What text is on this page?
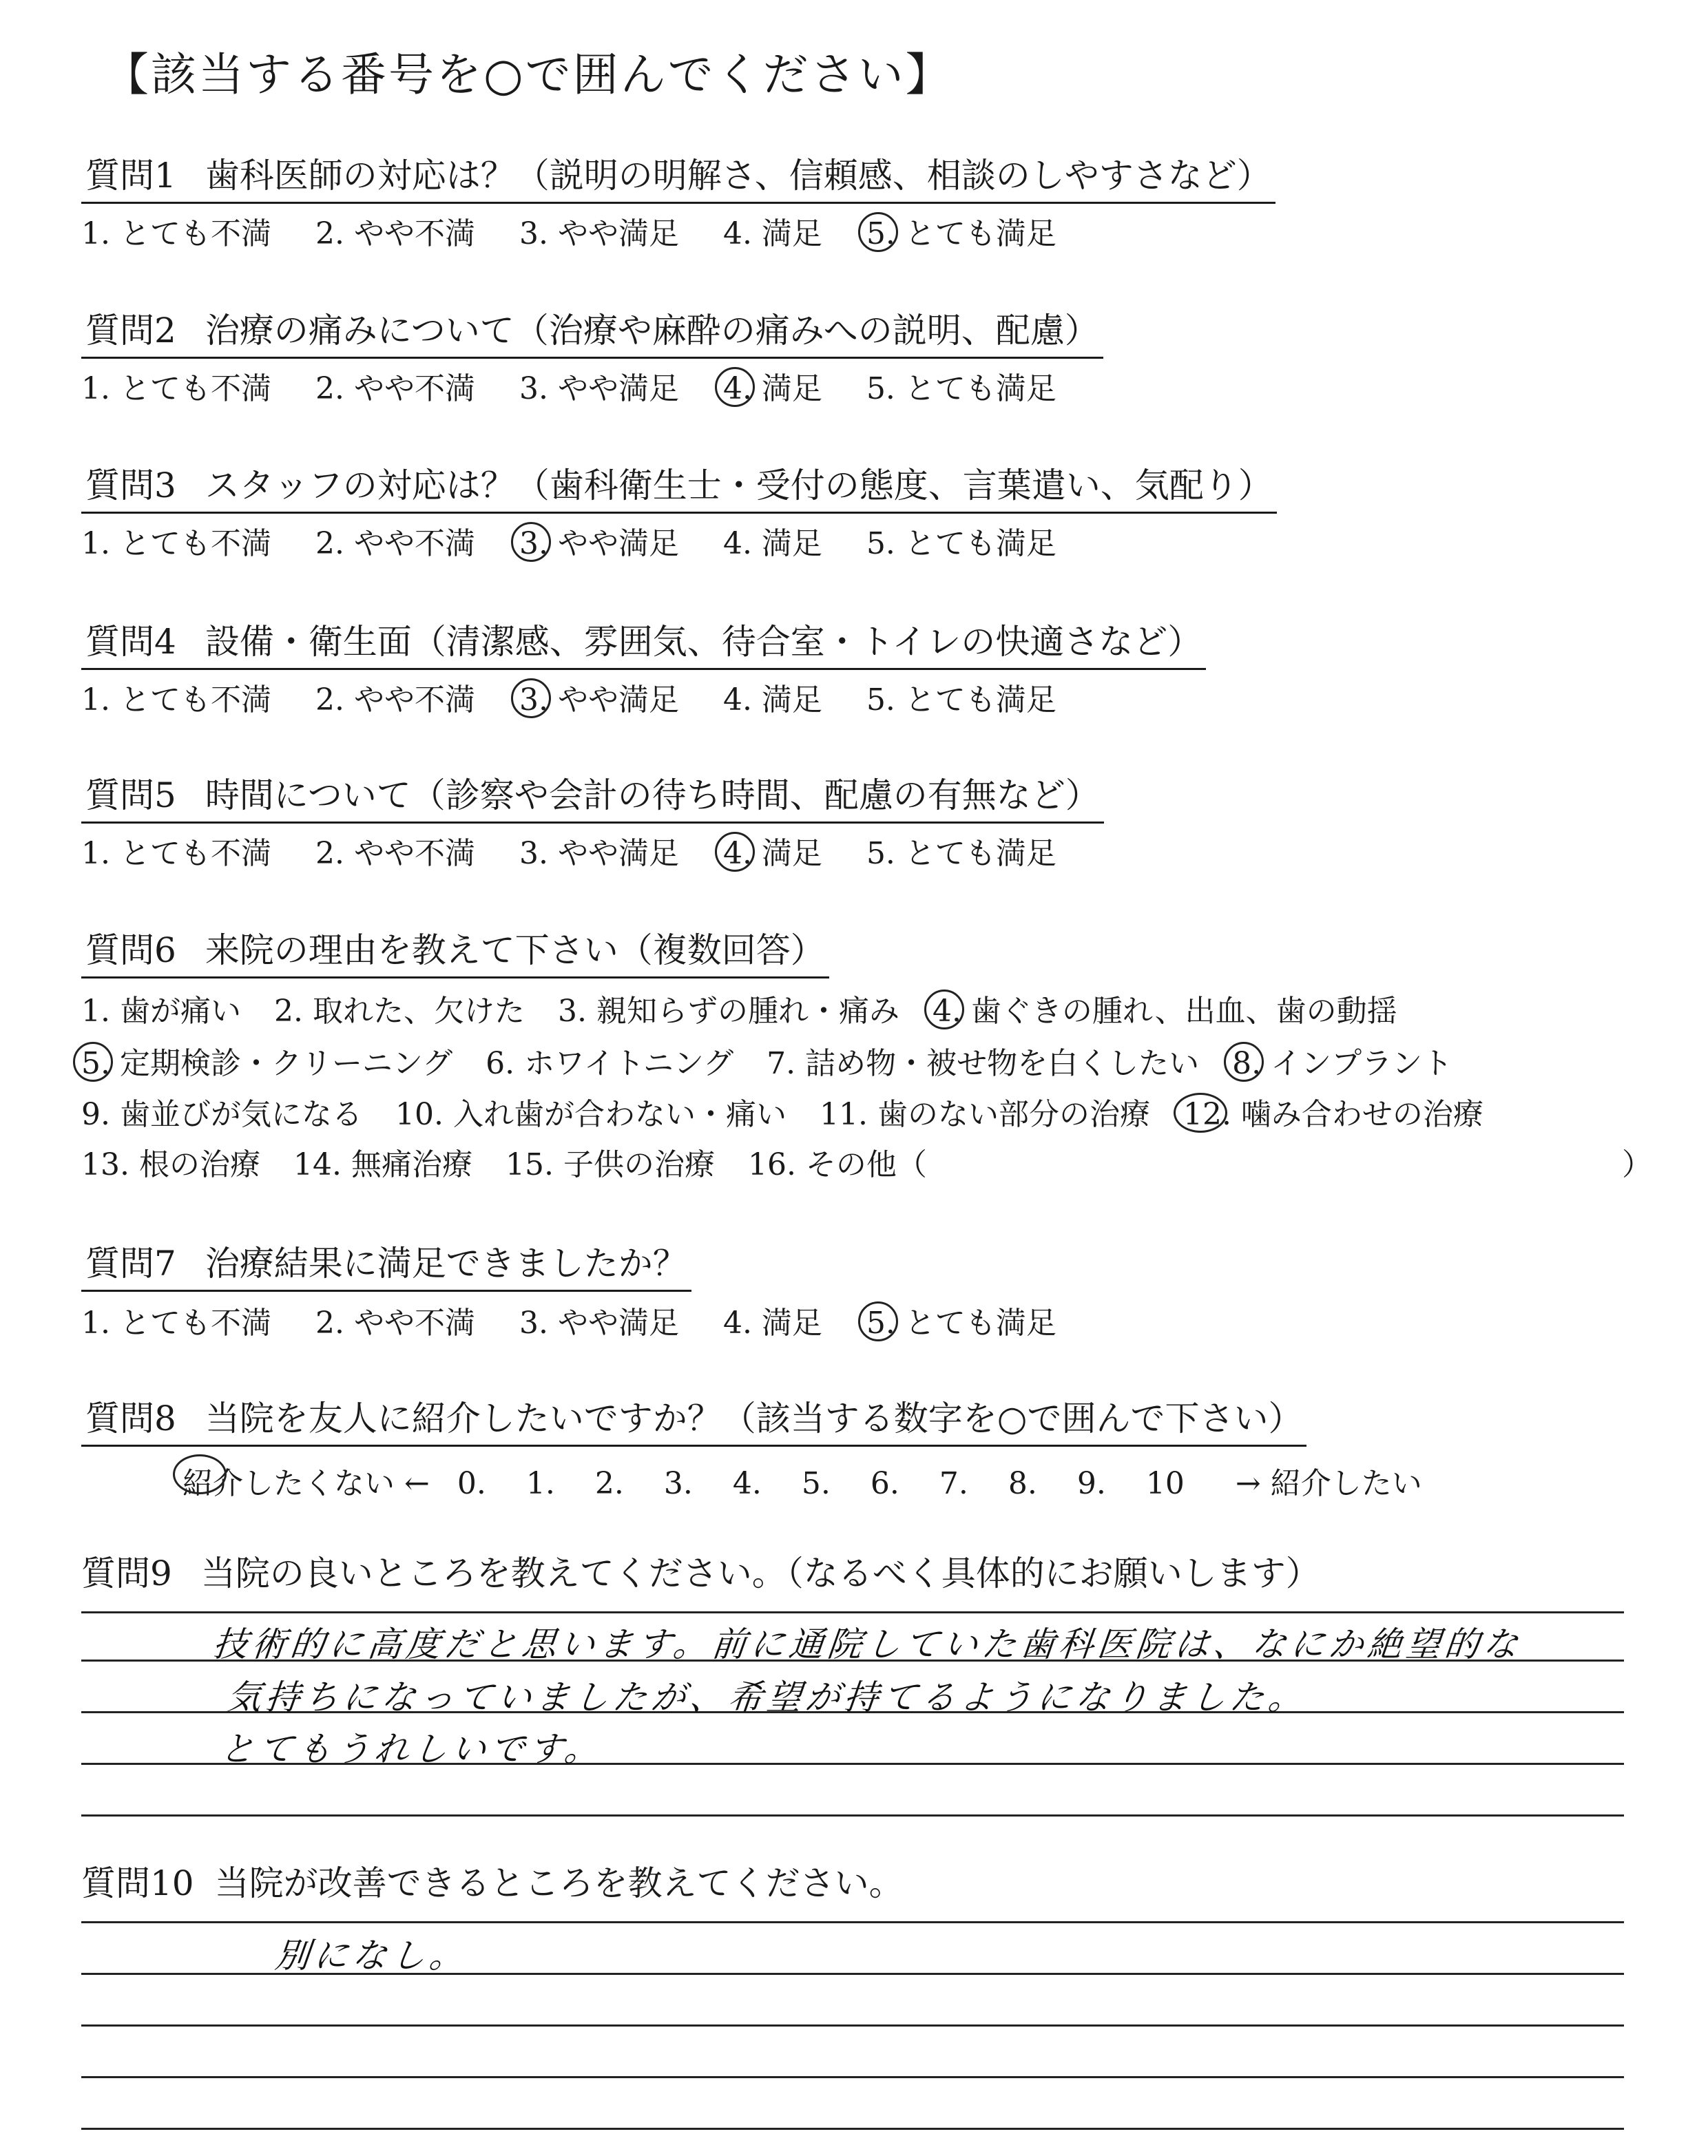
【該当する番号を○で囲んでください】
質問1 歯科医師の対応は？（説明の明解さ、信頼感、相談のしやすさなど）
1. とても不満 2. やや不満 3. やや満足 4. 満足 5. とても満足
質問2 治療の痛みについて（治療や麻酔の痛みへの説明、配慮）
1. とても不満 2. やや不満 3. やや満足 4. 満足 5. とても満足
質問3 スタッフの対応は？（歯科衛生士・受付の態度、言葉遣い、気配り）
1. とても不満 2. やや不満 3. やや満足 4. 満足 5. とても満足
質問4 設備・衛生面（清潔感、雰囲気、待合室・トイレの快適さなど）
1. とても不満 2. やや不満 3. やや満足 4. 満足 5. とても満足
質問5 時間について（診察や会計の待ち時間、配慮の有無など）
1. とても不満 2. やや不満 3. やや満足 4. 満足 5. とても満足
質問6 来院の理由を教えて下さい（複数回答）
1. 歯が痛い 2. 取れた、欠けた 3. 親知らずの腫れ・痛み 4. 歯ぐきの腫れ、出血、歯の動揺
5. 定期検診・クリーニング 6. ホワイトニング 7. 詰め物・被せ物を白くしたい 8. インプラント
9. 歯並びが気になる 10. 入れ歯が合わない・痛い 11. 歯のない部分の治療 12. 噛み合わせの治療
13. 根の治療 14. 無痛治療 15. 子供の治療 16. その他（	）
質問7 治療結果に満足できましたか？
1. とても不満 2. やや不満 3. やや満足 4. 満足 5. とても満足
質問8 当院を友人に紹介したいですか？（該当する数字を○で囲んで下さい）
紹介したくない ← 0. 1. 2. 3. 4. 5. 6. 7. 8. 9. 10 → 紹介したい
質問9 当院の良いところを教えてください。（なるべく具体的にお願いします）
技術的に高度だと思います。前に通院していた歯科医院は、なにか絶望的な
気持ちになっていましたが、希望が持てるようになりました。
とてもうれしいです。
質問10 当院が改善できるところを教えてください。
別になし。
